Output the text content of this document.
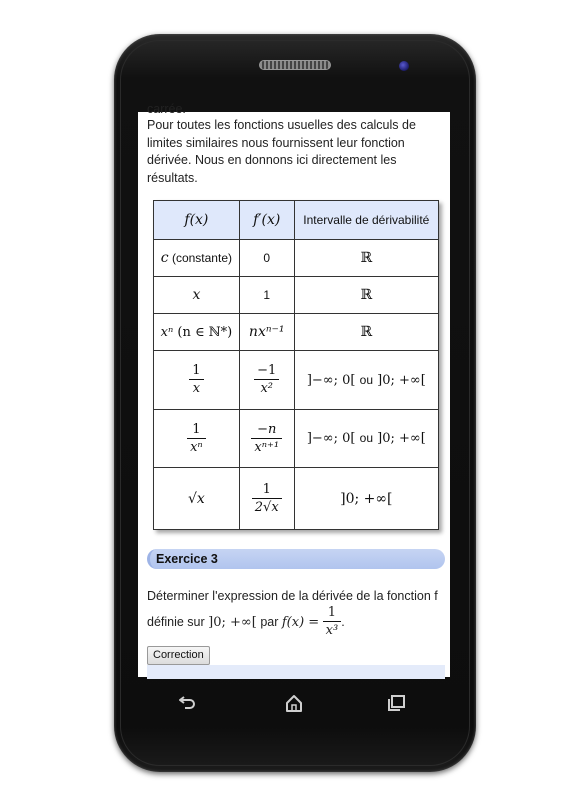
carrée.
Pour toutes les fonctions usuelles des calculs de limites similaires nous fournissent leur fonction dérivée. Nous en donnons ici directement les résultats.
f(x)	f′(x)	Intervalle de dérivabilité
c (constante)	0	ℝ
x	1	ℝ
xⁿ (n ∈ ℕ*)	nxⁿ⁻¹	ℝ

$\frac{1}{x}$	$\frac{-1}{\text{x²}}$	]−∞; 0[ ou ]0; +∞[

$\frac{1}{\text{xⁿ}}$	$\frac{-n}{\text{xⁿ⁺¹}}$	]−∞; 0[ ou ]0; +∞[
√x	$\frac{1}{2√x}$	]0; +∞[
Exercice 3
Déterminer l'expression de la dérivée de la fonction f
définie sur
]0; +∞[
par
f(x) =
$\frac{1}{\text{x³}}$ .
Correction
